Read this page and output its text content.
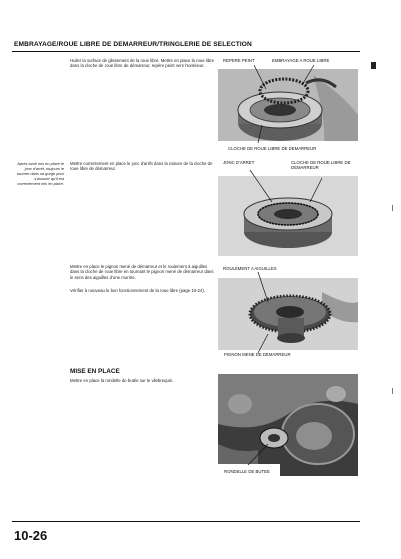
EMBRAYAGE/ROUE LIBRE DE DEMARREUR/TRINGLERIE DE SELECTION
Huiler la surface de glissement de la roue libre. Mettre en place la roue libre dans la cloche de roue libre de démarreur, repère peint vers l'extérieur.
REPERE PEINT	EMBRAYAGE A ROUE LIBRE
CLOCHE DE ROUE LIBRE DE DEMARREUR
Après avoir mis en place le jonc d'arrêt, toujours le tourner dans sa gorge pour s'assurer qu'il est correctement mis en place.
Mettre correctement en place le jonc d'arrêt dans la rainure de la cloche de roue libre de démarreur.
JONC D'ARRET	CLOCHE DE ROUE LIBRE DE DEMARREUR
Mettre en place le pignon mené de démarreur et le roulement à aiguilles dans la cloche de roue libre en tournant le pignon mené de démarreur dans le sens des aiguilles d'une montre.
Vérifier à nouveau le bon fonctionnement de la roue libre (page 10-24).
ROULEMENT A AIGUILLES
PIGNON MENE DE DEMARREUR
MISE EN PLACE
Mettre en place la rondelle de butée sur le vilebrequin.
RONDELLE DE BUTEE
10-26
